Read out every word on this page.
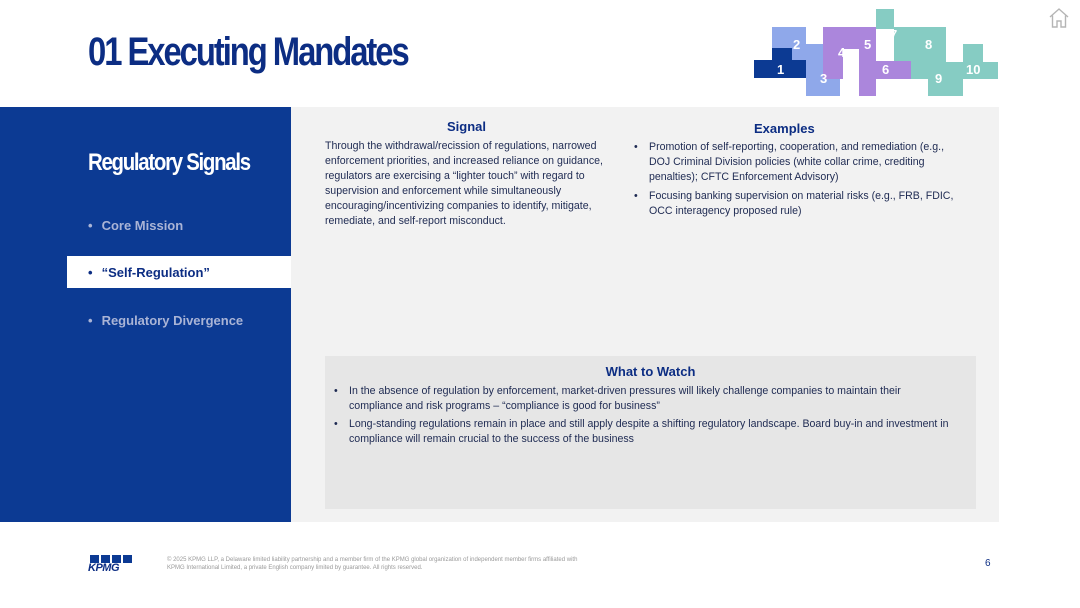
01 Executing Mandates	1
2
3
4
5
6
7
8
9
10
Regulatory Signals
• Core Mission
• “Self-Regulation”
• Regulatory Divergence
Signal

Through the withdrawal/recission of regulations, narrowed enforcement priorities, and increased reliance on guidance, regulators are exercising a “lighter touch” with regard to supervision and enforcement while simultaneously encouraging/incentivizing companies to identify, mitigate, remediate, and self-report misconduct.

Examples
• Promotion of self-reporting, cooperation, and remediation (e.g., DOJ Criminal Division policies (white collar crime, crediting penalties); CFTC Enforcement Advisory)
• Focusing banking supervision on material risks (e.g., FRB, FDIC, OCC interagency proposed rule)
What to Watch
• In the absence of regulation by enforcement, market-driven pressures will likely challenge companies to maintain their compliance and risk programs – “compliance is good for business”
• Long-standing regulations remain in place and still apply despite a shifting regulatory landscape. Board buy-in and investment in compliance will remain crucial to the success of the business
KPMG
© 2025 KPMG LLP, a Delaware limited liability partnership and a member firm of the KPMG global organization of independent member firms affiliated with KPMG International Limited, a private English company limited by guarantee. All rights reserved.	6
